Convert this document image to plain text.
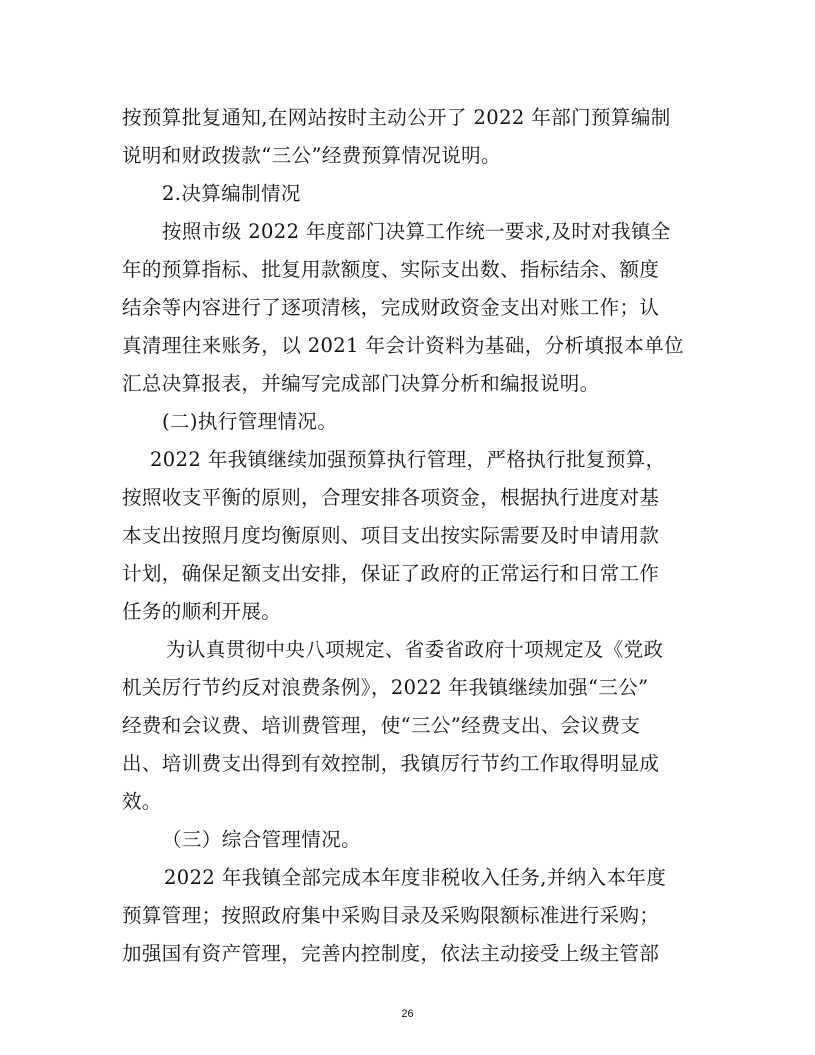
按预算批复通知,在网站按时主动公开了 2022 年部门预算编制
说明和财政拨款“三公”经费预算情况说明。
2.决算编制情况
按照市级 2022 年度部门决算工作统一要求,及时对我镇全
年的预算指标、批复用款额度、实际支出数、指标结余、额度
结余等内容进行了逐项清核，完成财政资金支出对账工作；认
真清理往来账务，以 2021 年会计资料为基础，分析填报本单位
汇总决算报表，并编写完成部门决算分析和编报说明。
(二)执行管理情况。
2022 年我镇继续加强预算执行管理，严格执行批复预算，
按照收支平衡的原则，合理安排各项资金，根据执行进度对基
本支出按照月度均衡原则、项目支出按实际需要及时申请用款
计划，确保足额支出安排，保证了政府的正常运行和日常工作
任务的顺利开展。
为认真贯彻中央八项规定、省委省政府十项规定及《党政
机关厉行节约反对浪费条例》，2022 年我镇继续加强“三公”
经费和会议费、培训费管理，使“三公”经费支出、会议费支
出、培训费支出得到有效控制，我镇厉行节约工作取得明显成
效。
（三）综合管理情况。
2022 年我镇全部完成本年度非税收入任务,并纳入本年度
预算管理；按照政府集中采购目录及采购限额标准进行采购；
加强国有资产管理，完善内控制度，依法主动接受上级主管部
26
